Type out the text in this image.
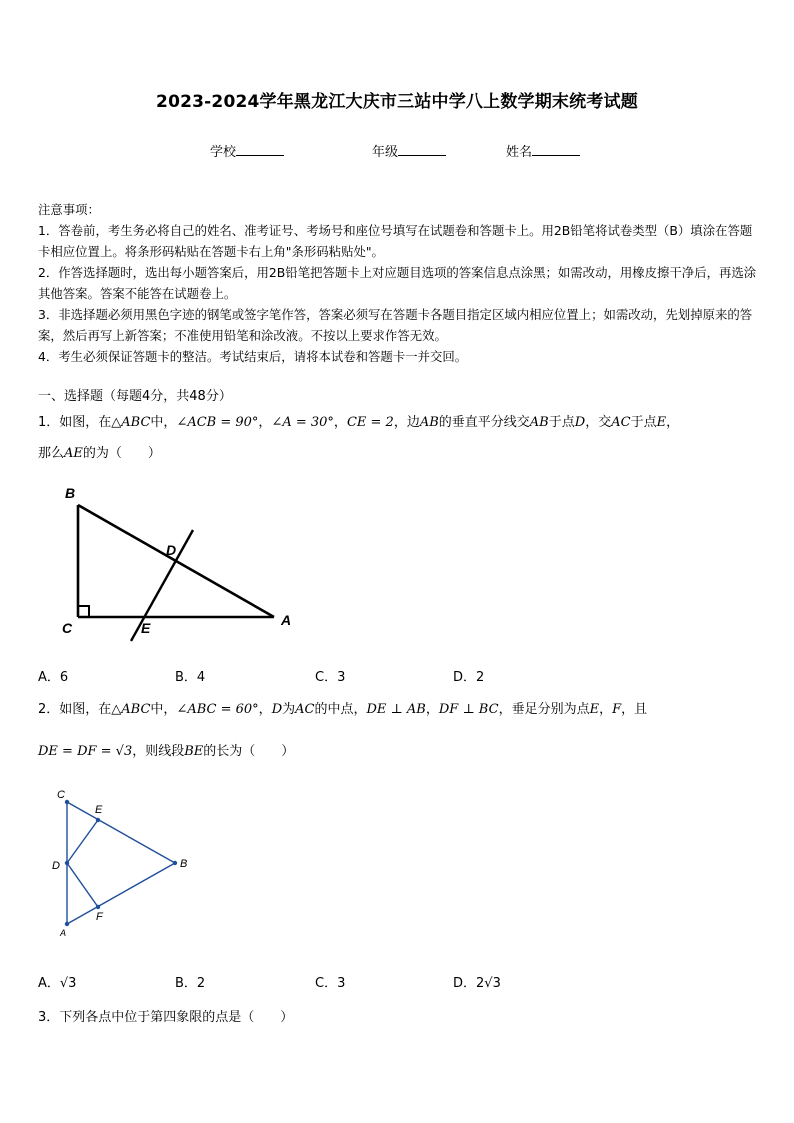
2023-2024学年黑龙江大庆市三站中学八上数学期末统考试题
学校	年级	姓名

注意事项：

1．答卷前，考生务必将自己的姓名、准考证号、考场号和座位号填写在试题卷和答题卡上。用2B铅笔将试卷类型（B）填涂在答题卡相应位置上。将条形码粘贴在答题卡右上角"条形码粘贴处"。

2．作答选择题时，选出每小题答案后，用2B铅笔把答题卡上对应题目选项的答案信息点涂黑；如需改动，用橡皮擦干净后，再选涂其他答案。答案不能答在试题卷上。

3．非选择题必须用黑色字迹的钢笔或签字笔作答，答案必须写在答题卡各题目指定区域内相应位置上；如需改动，先划掉原来的答案，然后再写上新答案；不准使用铅笔和涂改液。不按以上要求作答无效。

4．考生必须保证答题卡的整洁。考试结束后，请将本试卷和答题卡一并交回。

一、选择题（每题4分，共48分）
1．如图，在△ABC中，∠ACB = 90°，∠A = 30°，CE = 2，边AB的垂直平分线交AB于点D，交AC于点E，
那么AE的为（　　）
B
D
C	E	A
A．6	B．4	C．3	D．2
2．如图，在△ABC中，∠ABC = 60°，D为AC的中点，DE ⊥ AB，DF ⊥ BC，垂足分别为点E，F，且
DE = DF = √3，则线段BE的长为（　　）
C
E
D	B
F
A
A．√3	B．2	C．3	D．2√3
3．下列各点中位于第四象限的点是（　　）
